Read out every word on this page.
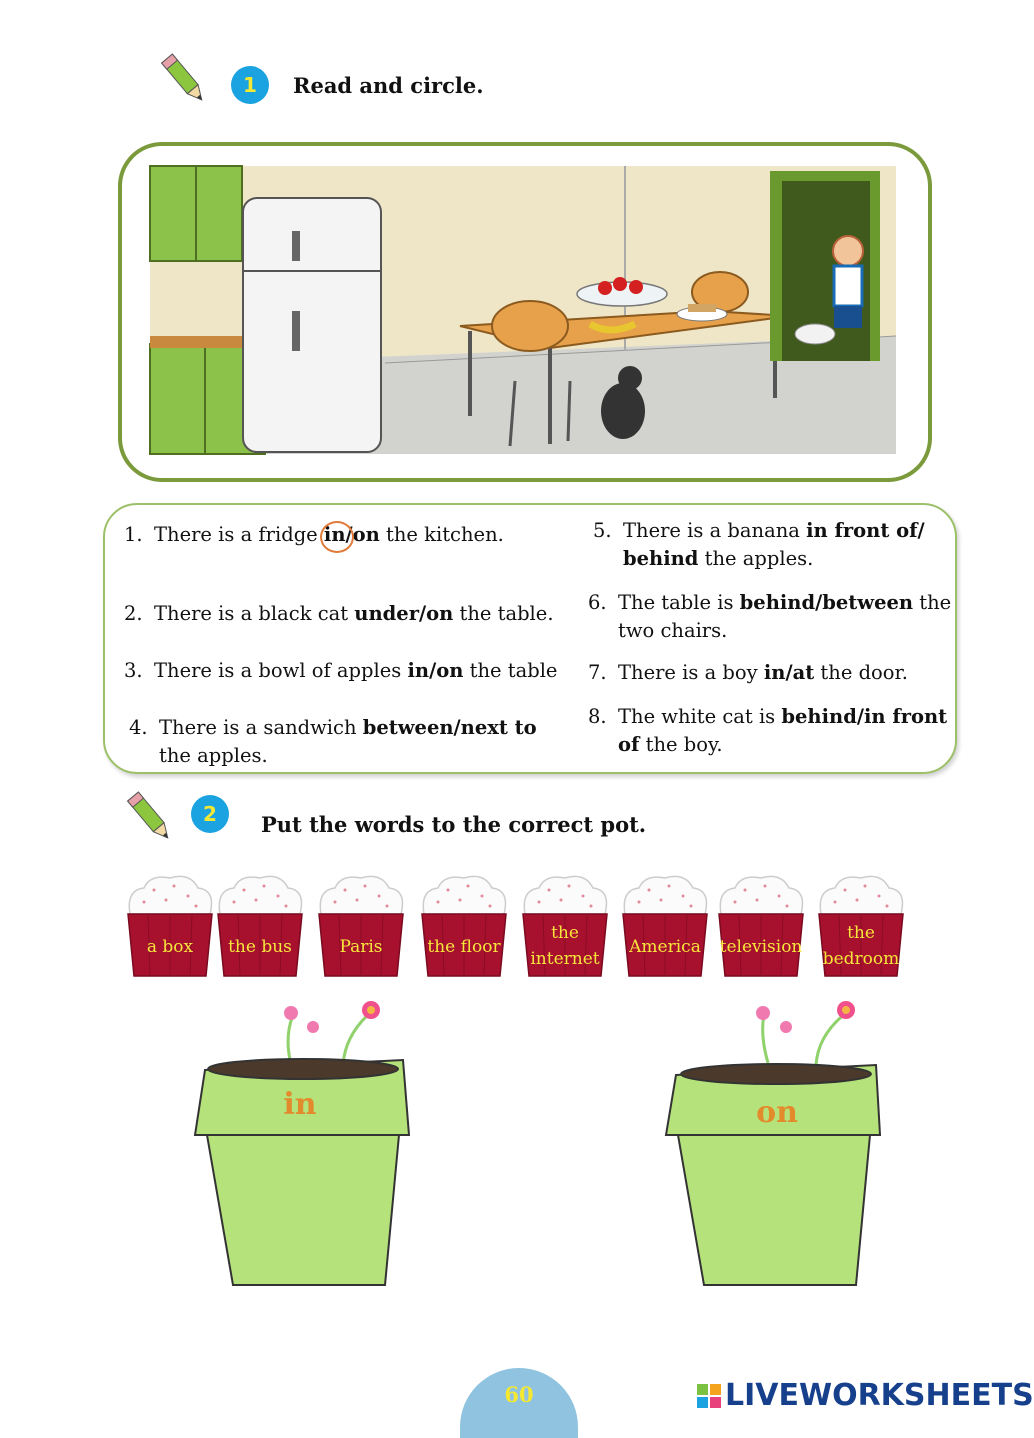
1	Read and circle.
1. There is a fridge in/on the kitchen.
2. There is a black cat under/on the table.
3. There is a bowl of apples in/on the table
4. There is a sandwich between/next to
the apples.
5. There is a banana in front of/
behind the apples.
6. The table is behind/between the
two chairs.
7. There is a boy in/at the door.
8. The white cat is behind/in front
of the boy.
2	Put the words to the correct pot.
a box	the bus	Paris	the floor
the
internet
America	television
the
bedroom
in	on
60	LIVEWORKSHEETS
